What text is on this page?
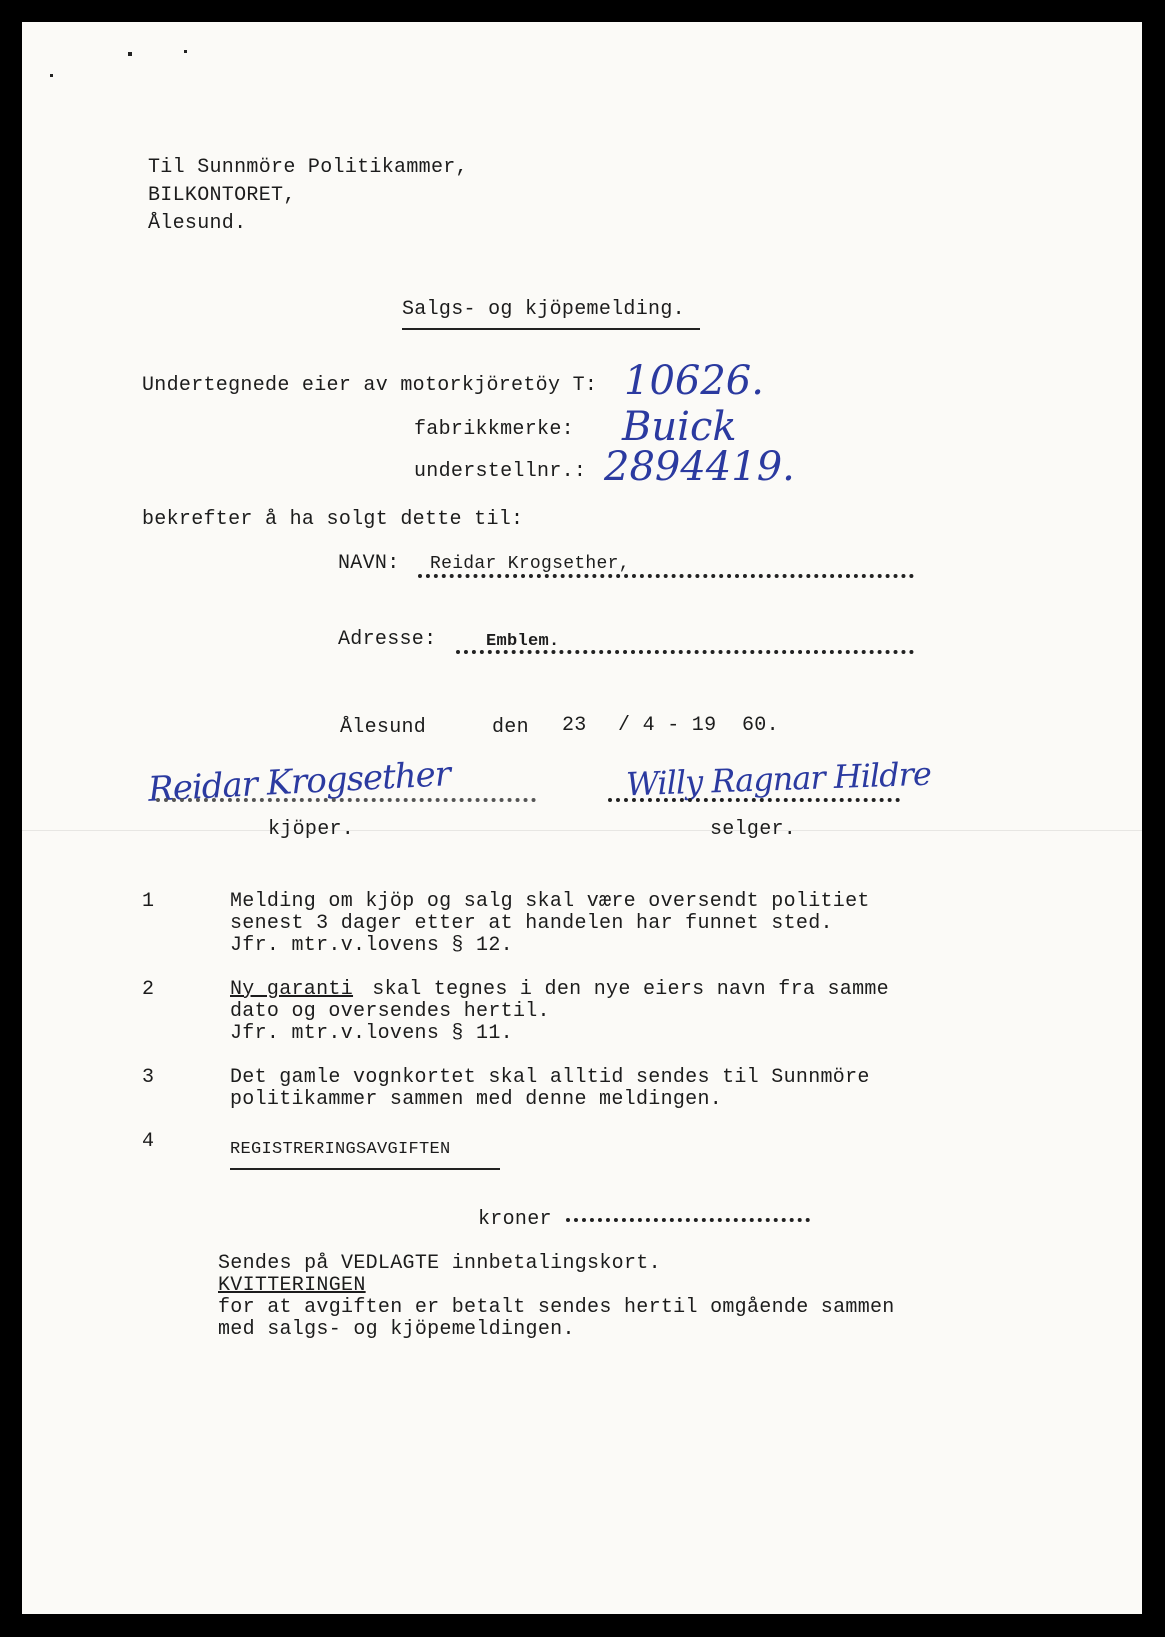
Til Sunnmöre Politikammer,
BILKONTORET,
Ålesund.
Salgs- og kjöpemelding.
Undertegnede eier av motorkjöretöy T: 10626.
fabrikkmerke: Buick
understellnr.: 2894419.
bekrefter å ha solgt dette til:
NAVN: Reidar Krogsether,
Adresse:	Emblem.
Ålesund	den 23 / 4 - 19 60.
Reidar Krogsether	Willy Ragnar Hildre
kjöper.	selger.
1	Melding om kjöp og salg skal være oversendt politiet
senest 3 dager etter at handelen har funnet sted.
Jfr. mtr.v.lovens § 12.
2	Ny garanti skal tegnes i den nye eiers navn fra samme
dato og oversendes hertil.
Jfr. mtr.v.lovens § 11.
3	Det gamle vognkortet skal alltid sendes til Sunnmöre
politikammer sammen med denne meldingen.
4	REGISTRERINGSAVGIFTEN
kroner
Sendes på VEDLAGTE innbetalingskort.
KVITTERINGEN
for at avgiften er betalt sendes hertil omgående sammen
med salgs- og kjöpemeldingen.
